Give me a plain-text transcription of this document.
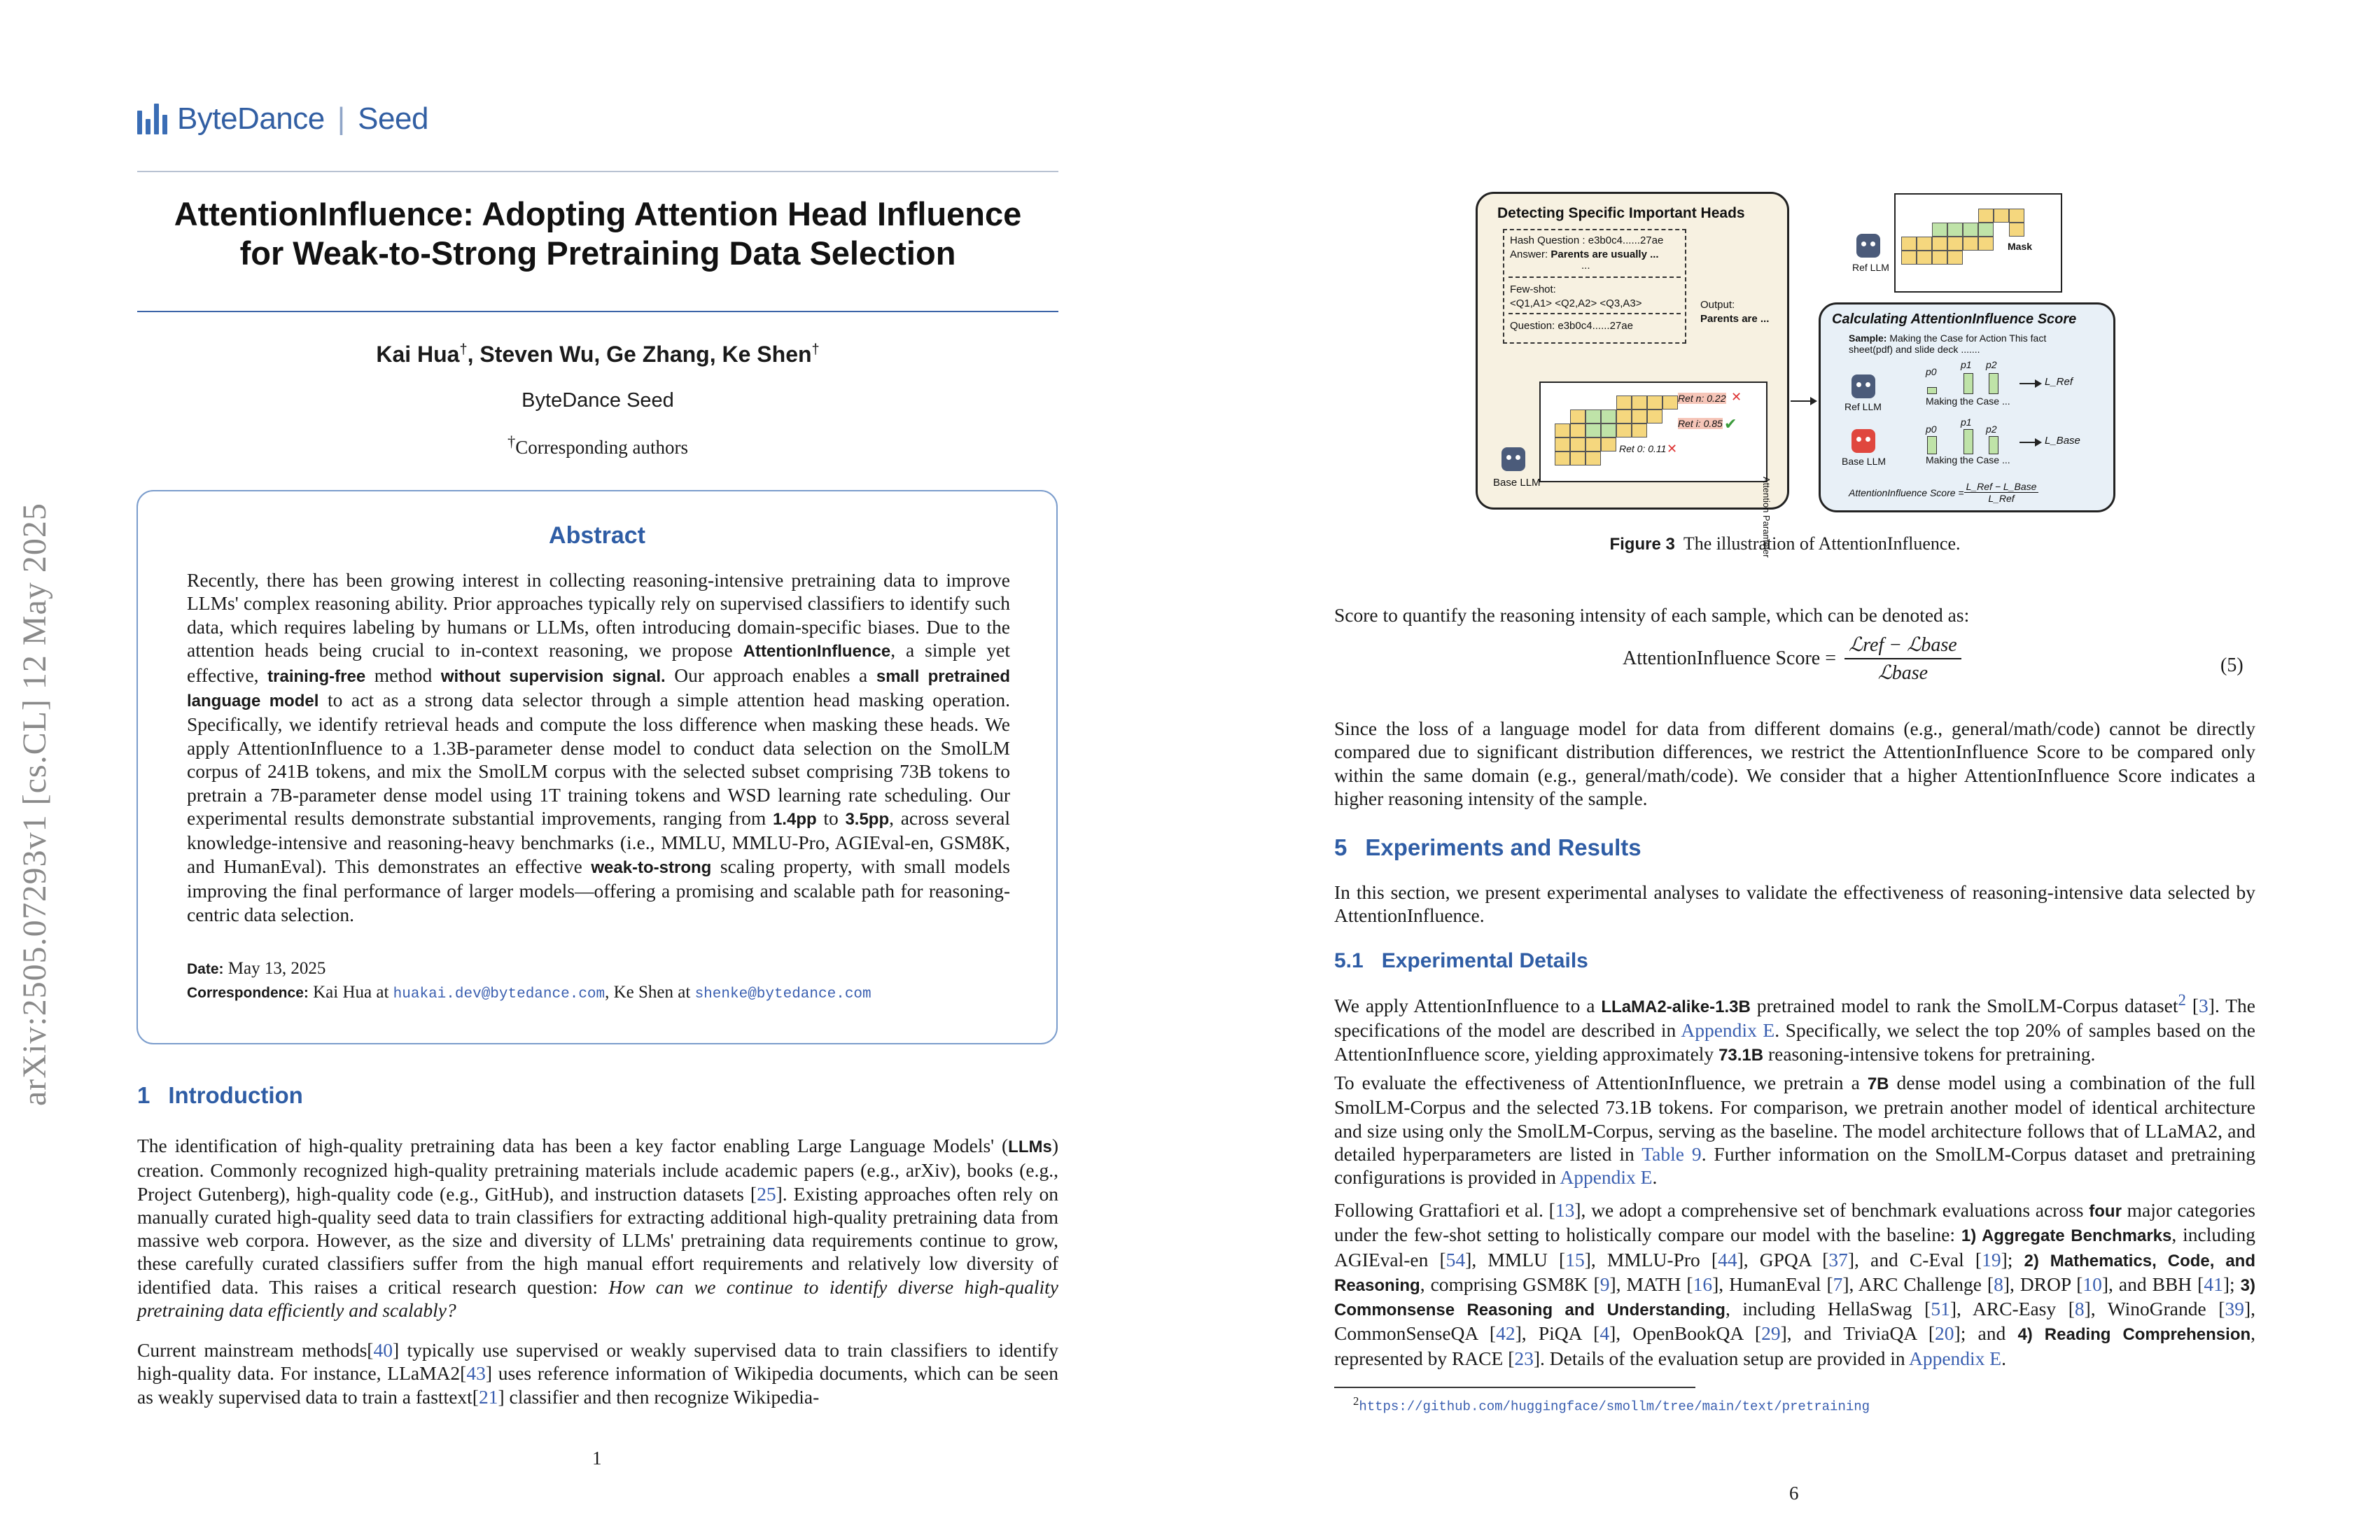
arXiv:2505.07293v1 [cs.CL] 12 May 2025
ByteDance | Seed
AttentionInfluence: Adopting Attention Head Influence
for Weak-to-Strong Pretraining Data Selection
Kai Hua†, Steven Wu, Ge Zhang, Ke Shen†
ByteDance Seed
†Corresponding authors
Abstract
Recently, there has been growing interest in collecting reasoning-intensive pretraining data to improve LLMs' complex reasoning ability. Prior approaches typically rely on supervised classifiers to identify such data, which requires labeling by humans or LLMs, often introducing domain-specific biases. Due to the attention heads being crucial to in-context reasoning, we propose AttentionInfluence, a simple yet effective, training-free method without supervision signal. Our approach enables a small pretrained language model to act as a strong data selector through a simple attention head masking operation. Specifically, we identify retrieval heads and compute the loss difference when masking these heads. We apply AttentionInfluence to a 1.3B-parameter dense model to conduct data selection on the SmolLM corpus of 241B tokens, and mix the SmolLM corpus with the selected subset comprising 73B tokens to pretrain a 7B-parameter dense model using 1T training tokens and WSD learning rate scheduling. Our experimental results demonstrate substantial improvements, ranging from 1.4pp to 3.5pp, across several knowledge-intensive and reasoning-heavy benchmarks (i.e., MMLU, MMLU-Pro, AGIEval-en, GSM8K, and HumanEval). This demonstrates an effective weak-to-strong scaling property, with small models improving the final performance of larger models—offering a promising and scalable path for reasoning-centric data selection.
Date: May 13, 2025
Correspondence: Kai Hua at huakai.dev@bytedance.com, Ke Shen at shenke@bytedance.com
1 Introduction
The identification of high-quality pretraining data has been a key factor enabling Large Language Models' (LLMs) creation. Commonly recognized high-quality pretraining materials include academic papers (e.g., arXiv), books (e.g., Project Gutenberg), high-quality code (e.g., GitHub), and instruction datasets [25]. Existing approaches often rely on manually curated high-quality seed data to train classifiers for extracting additional high-quality pretraining data from massive web corpora. However, as the size and diversity of LLMs' pretraining data requirements continue to grow, these carefully curated classifiers suffer from the high manual effort requirements and relatively low diversity of identified data. This raises a critical research question: How can we continue to identify diverse high-quality pretraining data efficiently and scalably?
Current mainstream methods[40] typically use supervised or weakly supervised data to train classifiers to identify high-quality data. For instance, LLaMA2[43] uses reference information of Wikipedia documents, which can be seen as weakly supervised data to train a fasttext[21] classifier and then recognize Wikipedia-
1
Detecting Specific Important Heads
Hash Question : e3b0c4......27ae
Answer: Parents are usually ...
...
Few-shot:
<Q1,A1> <Q2,A2> <Q3,A3>
Question: e3b0c4......27ae
Output:
Parents are ...
Ret n: 0.22
Ret i: 0.85
Ret 0: 0.11
✕
✔
✕
Attention Parameter
Base LLM
Ref LLM
Mask
Calculating AttentionInfluence Score
Sample: Making the Case for Action This fact sheet(pdf) and slide deck .......
Ref LLM
p0
p1 p2
Making the Case ...
L_Ref
Base LLM
p0
p1
p2
Making the Case ...
L_Base
AttentionInfluence Score =
L_Ref − L_Base
L_Ref
Figure 3 The illustration of AttentionInfluence.
Score to quantify the reasoning intensity of each sample, which can be denoted as:
AttentionInfluence Score = $\frac{\text{ℒref − ℒbase}}{\text{ℒbase}}$	(5)
Since the loss of a language model for data from different domains (e.g., general/math/code) cannot be directly compared due to significant distribution differences, we restrict the AttentionInfluence Score to be compared only within the same domain (e.g., general/math/code). We consider that a higher AttentionInfluence Score indicates a higher reasoning intensity of the sample.
5 Experiments and Results
In this section, we present experimental analyses to validate the effectiveness of reasoning-intensive data selected by AttentionInfluence.
5.1 Experimental Details
We apply AttentionInfluence to a LLaMA2-alike-1.3B pretrained model to rank the SmolLM-Corpus dataset$^2$ [3]. The specifications of the model are described in Appendix E. Specifically, we select the top 20% of samples based on the AttentionInfluence score, yielding approximately 73.1B reasoning-intensive tokens for pretraining.
To evaluate the effectiveness of AttentionInfluence, we pretrain a 7B dense model using a combination of the full SmolLM-Corpus and the selected 73.1B tokens. For comparison, we pretrain another model of identical architecture and size using only the SmolLM-Corpus, serving as the baseline. The model architecture follows that of LLaMA2, and detailed hyperparameters are listed in Table 9. Further information on the SmolLM-Corpus dataset and pretraining configurations is provided in Appendix E.
Following Grattafiori et al. [13], we adopt a comprehensive set of benchmark evaluations across four major categories under the few-shot setting to holistically compare our model with the baseline: 1) Aggregate Benchmarks, including AGIEval-en [54], MMLU [15], MMLU-Pro [44], GPQA [37], and C-Eval [19]; 2) Mathematics, Code, and Reasoning, comprising GSM8K [9], MATH [16], HumanEval [7], ARC Challenge [8], DROP [10], and BBH [41]; 3) Commonsense Reasoning and Understanding, including HellaSwag [51], ARC-Easy [8], WinoGrande [39], CommonSenseQA [42], PiQA [4], OpenBookQA [29], and TriviaQA [20]; and 4) Reading Comprehension, represented by RACE [23]. Details of the evaluation setup are provided in Appendix E.
$^2$https://github.com/huggingface/smollm/tree/main/text/pretraining
6
